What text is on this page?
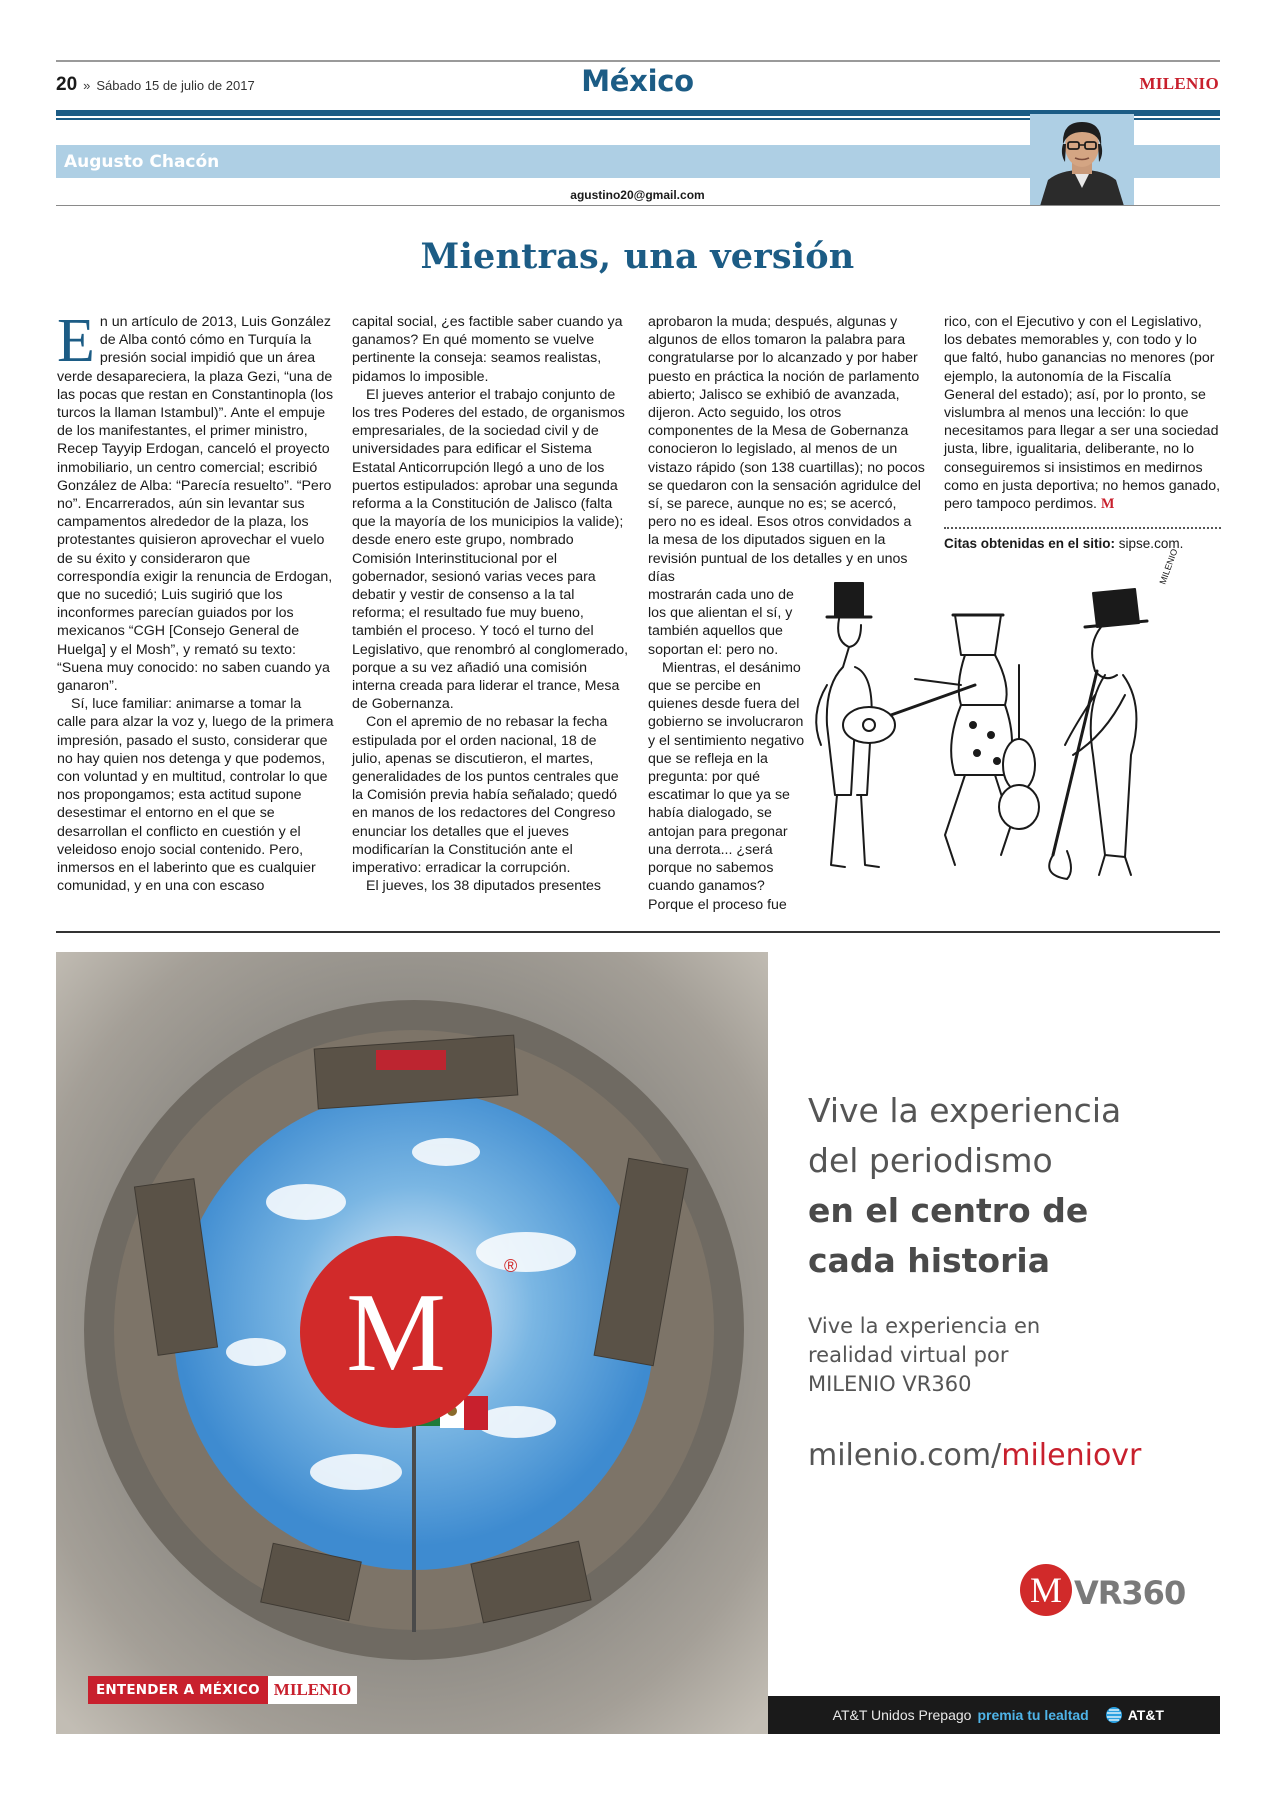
20 » Sábado 15 de julio de 2017	México	MILENIO
Augusto Chacón
agustino20@gmail.com
Mientras, una versión

En un artículo de 2013, Luis González de Alba contó cómo en Turquía la presión social impidió que un área verde desapareciera, la plaza Gezi, “una de las pocas que restan en Constantinopla (los turcos la llaman Istambul)”. Ante el empuje de los manifestantes, el primer ministro, Recep Tayyip Erdogan, canceló el proyecto inmobiliario, un centro comercial; escribió González de Alba: “Parecía resuelto”. “Pero no”. Encarrerados, aún sin levantar sus campamentos alrededor de la plaza, los protestantes quisieron aprovechar el vuelo de su éxito y consideraron que correspondía exigir la renuncia de Erdogan, que no sucedió; Luis sugirió que los inconformes parecían guiados por los mexicanos “CGH [Consejo General de Huelga] y el Mosh”, y remató su texto: “Suena muy conocido: no saben cuando ya ganaron”.

Sí, luce familiar: animarse a tomar la calle para alzar la voz y, luego de la primera impresión, pasado el susto, considerar que no hay quien nos detenga y que podemos, con voluntad y en multitud, controlar lo que nos propongamos; esta actitud supone desestimar el entorno en el que se desarrollan el conflicto en cuestión y el veleidoso enojo social contenido. Pero, inmersos en el laberinto que es cualquier comunidad, y en una con escaso

capital social, ¿es factible saber cuando ya ganamos? En qué momento se vuelve pertinente la conseja: seamos realistas, pidamos lo imposible.

El jueves anterior el trabajo conjunto de los tres Poderes del estado, de organismos empresariales, de la sociedad civil y de universidades para edificar el Sistema Estatal Anticorrupción llegó a uno de los puertos estipulados: aprobar una segunda reforma a la Constitución de Jalisco (falta que la mayoría de los municipios la valide); desde enero este grupo, nombrado Comisión Interinstitucional por el gobernador, sesionó varias veces para debatir y vestir de consenso a la tal reforma; el resultado fue muy bueno, también el proceso. Y tocó el turno del Legislativo, que renombró al conglomerado, porque a su vez añadió una comisión interna creada para liderar el trance, Mesa de Gobernanza.

Con el apremio de no rebasar la fecha estipulada por el orden nacional, 18 de julio, apenas se discutieron, el martes, generalidades de los puntos centrales que la Comisión previa había señalado; quedó en manos de los redactores del Congreso enunciar los detalles que el jueves modificarían la Constitución ante el imperativo: erradicar la corrupción.

El jueves, los 38 diputados presentes

aprobaron la muda; después, algunas y algunos de ellos tomaron la palabra para congratularse por lo alcanzado y por haber puesto en práctica la noción de parlamento abierto; Jalisco se exhibió de avanzada, dijeron. Acto seguido, los otros componentes de la Mesa de Gobernanza conocieron lo legislado, al menos de un vistazo rápido (son 138 cuartillas); no pocos se quedaron con la sensación agridulce del sí, se parece, aunque no es; se acercó, pero no es ideal. Esos otros convidados a la mesa de los diputados siguen en la revisión puntual de los detalles y en unos días

mostrarán cada uno de los que alientan el sí, y también aquellos que soportan el: pero no.

Mientras, el desánimo que se percibe en quienes desde fuera del gobierno se involucraron y el sentimiento negativo que se refleja en la pregunta: por qué escatimar lo que ya se había dialogado, se antojan para pregonar una derrota... ¿será porque no sabemos cuando ganamos? Porque el proceso fue

rico, con el Ejecutivo y con el Legislativo, los debates memorables y, con todo y lo que faltó, hubo ganancias no menores (por ejemplo, la autonomía de la Fiscalía General del estado); así, por lo pronto, se vislumbra al menos una lección: lo que necesitamos para llegar a ser una sociedad justa, libre, igualitaria, deliberante, no lo conseguiremos si insistimos en medirnos como en justa deportiva; no hemos ganado, pero tampoco perdimos. M

Citas obtenidas en el sitio: sipse.com.

MILENIO
M
®
Vive la experiencia
del periodismo
en el centro de
cada historia
Vive la experiencia en
realidad virtual por
MILENIO VR360
milenio.com/mileniovr
M VR360
AT&T Unidos Prepago premia tu lealtad	AT&T
ENTENDER A MÉXICO MILENIO
